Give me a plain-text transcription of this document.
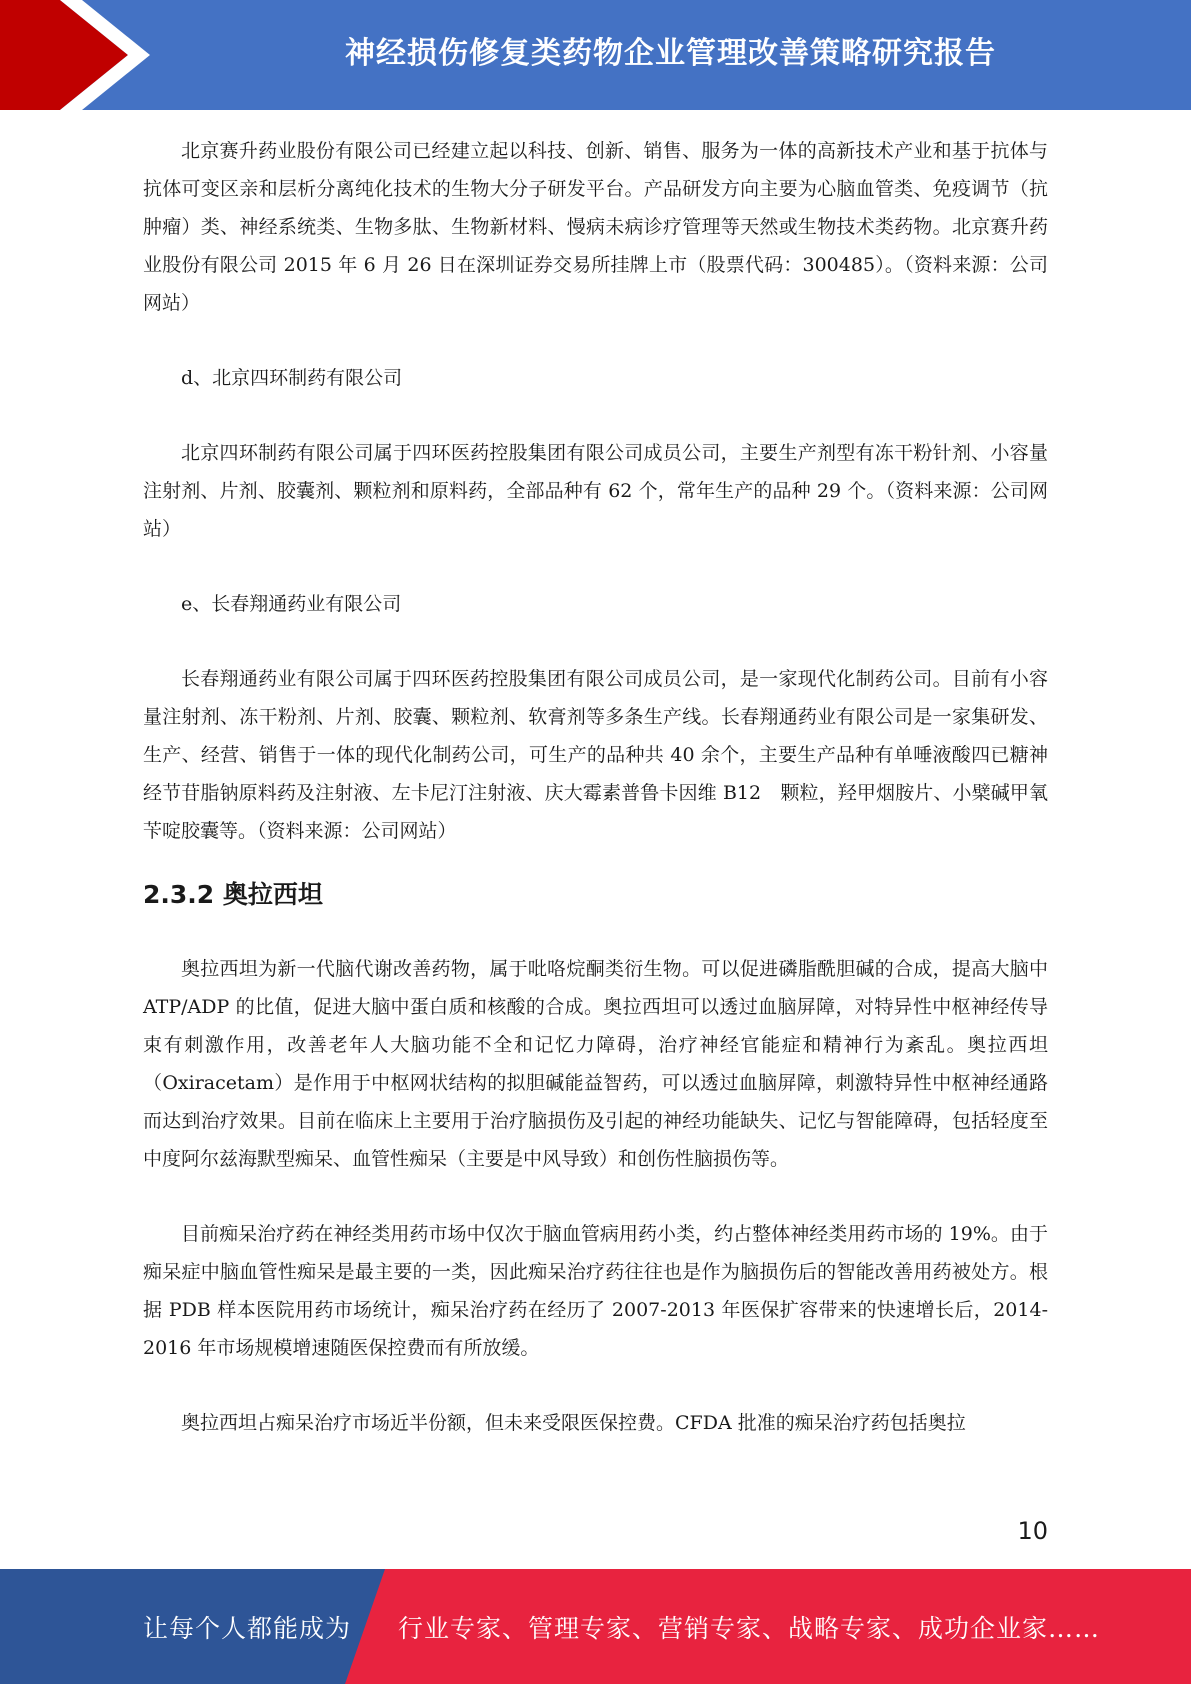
神经损伤修复类药物企业管理改善策略研究报告

北京赛升药业股份有限公司已经建立起以科技、创新、销售、服务为一体的高新技术产业和基于抗体与抗体可变区亲和层析分离纯化技术的生物大分子研发平台。产品研发方向主要为心脑血管类、免疫调节（抗肿瘤）类、神经系统类、生物多肽、生物新材料、慢病未病诊疗管理等天然或生物技术类药物。北京赛升药业股份有限公司 2015 年 6 月 26 日在深圳证券交易所挂牌上市（股票代码：300485）。（资料来源：公司网站）

d、北京四环制药有限公司

北京四环制药有限公司属于四环医药控股集团有限公司成员公司，主要生产剂型有冻干粉针剂、小容量注射剂、片剂、胶囊剂、颗粒剂和原料药，全部品种有 62 个，常年生产的品种 29 个。（资料来源：公司网站）

e、长春翔通药业有限公司

长春翔通药业有限公司属于四环医药控股集团有限公司成员公司，是一家现代化制药公司。目前有小容量注射剂、冻干粉剂、片剂、胶囊、颗粒剂、软膏剂等多条生产线。长春翔通药业有限公司是一家集研发、生产、经营、销售于一体的现代化制药公司，可生产的品种共 40 余个，主要生产品种有单唾液酸四已糖神经节苷脂钠原料药及注射液、左卡尼汀注射液、庆大霉素普鲁卡因维 B12　颗粒，羟甲烟胺片、小檗碱甲氧苄啶胶囊等。（资料来源：公司网站）

2.3.2 奥拉西坦

奥拉西坦为新一代脑代谢改善药物，属于吡咯烷酮类衍生物。可以促进磷脂酰胆碱的合成，提高大脑中 ATP/ADP 的比值，促进大脑中蛋白质和核酸的合成。奥拉西坦可以透过血脑屏障，对特异性中枢神经传导束有刺激作用，改善老年人大脑功能不全和记忆力障碍，治疗神经官能症和精神行为紊乱。奥拉西坦（Oxiracetam）是作用于中枢网状结构的拟胆碱能益智药，可以透过血脑屏障，刺激特异性中枢神经通路而达到治疗效果。目前在临床上主要用于治疗脑损伤及引起的神经功能缺失、记忆与智能障碍，包括轻度至中度阿尔兹海默型痴呆、血管性痴呆（主要是中风导致）和创伤性脑损伤等。

目前痴呆治疗药在神经类用药市场中仅次于脑血管病用药小类，约占整体神经类用药市场的 19%。由于痴呆症中脑血管性痴呆是最主要的一类，因此痴呆治疗药往往也是作为脑损伤后的智能改善用药被处方。根据 PDB 样本医院用药市场统计，痴呆治疗药在经历了 2007-2013 年医保扩容带来的快速增长后，2014-2016 年市场规模增速随医保控费而有所放缓。

奥拉西坦占痴呆治疗市场近半份额，但未来受限医保控费。CFDA 批准的痴呆治疗药包括奥拉

10
让每个人都能成为 行业专家、管理专家、营销专家、战略专家、成功企业家……
